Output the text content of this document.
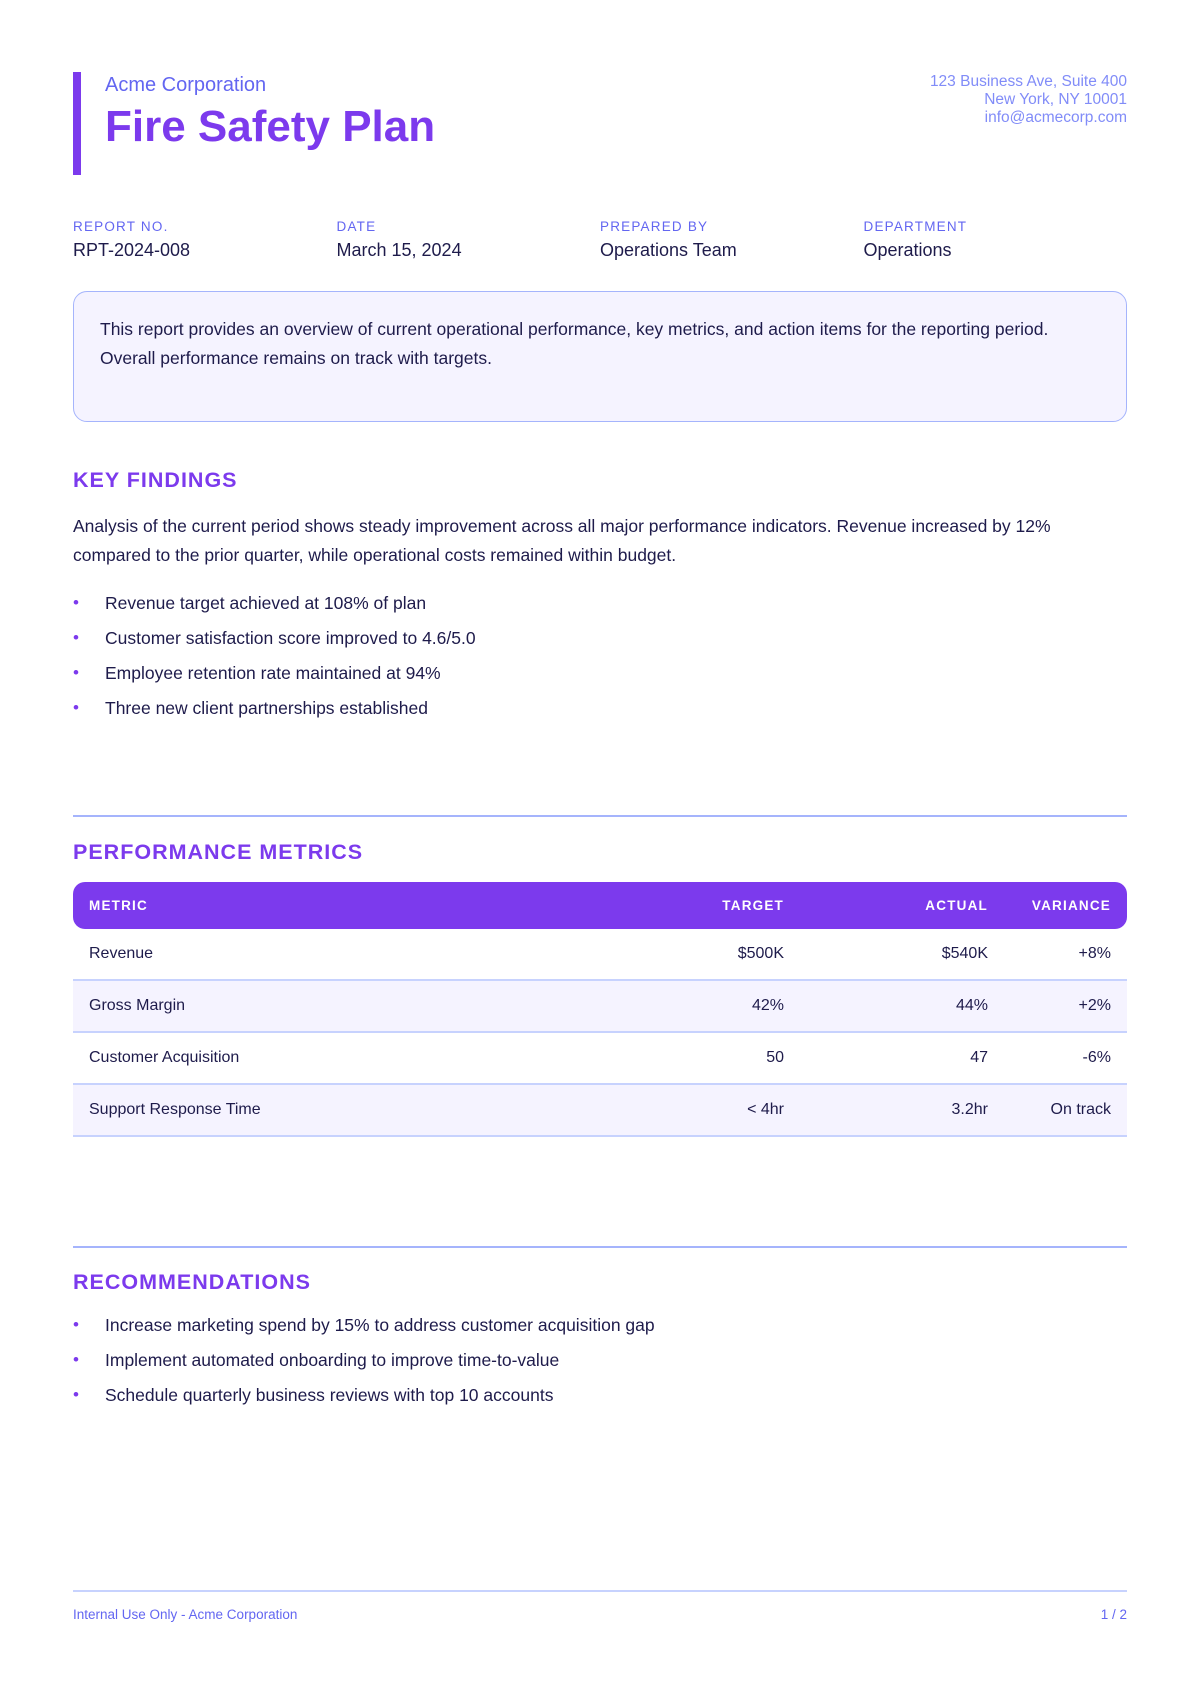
Acme Corporation
Fire Safety Plan
123 Business Ave, Suite 400
New York, NY 10001
info@acmecorp.com
REPORT NO.
RPT-2024-008
DATE
March 15, 2024
PREPARED BY
Operations Team
DEPARTMENT
Operations
This report provides an overview of current operational performance, key metrics, and action items for the reporting period. Overall performance remains on track with targets.
KEY FINDINGS
Analysis of the current period shows steady improvement across all major performance indicators. Revenue increased by 12% compared to the prior quarter, while operational costs remained within budget.
• Revenue target achieved at 108% of plan
• Customer satisfaction score improved to 4.6/5.0
• Employee retention rate maintained at 94%
• Three new client partnerships established
PERFORMANCE METRICS
METRIC	TARGET	ACTUAL	VARIANCE
Revenue	$500K	$540K	+8%
Gross Margin	42%	44%	+2%
Customer Acquisition	50	47	-6%
Support Response Time	< 4hr	3.2hr	On track
RECOMMENDATIONS
• Increase marketing spend by 15% to address customer acquisition gap
• Implement automated onboarding to improve time-to-value
• Schedule quarterly business reviews with top 10 accounts
Internal Use Only - Acme Corporation	1 / 2
